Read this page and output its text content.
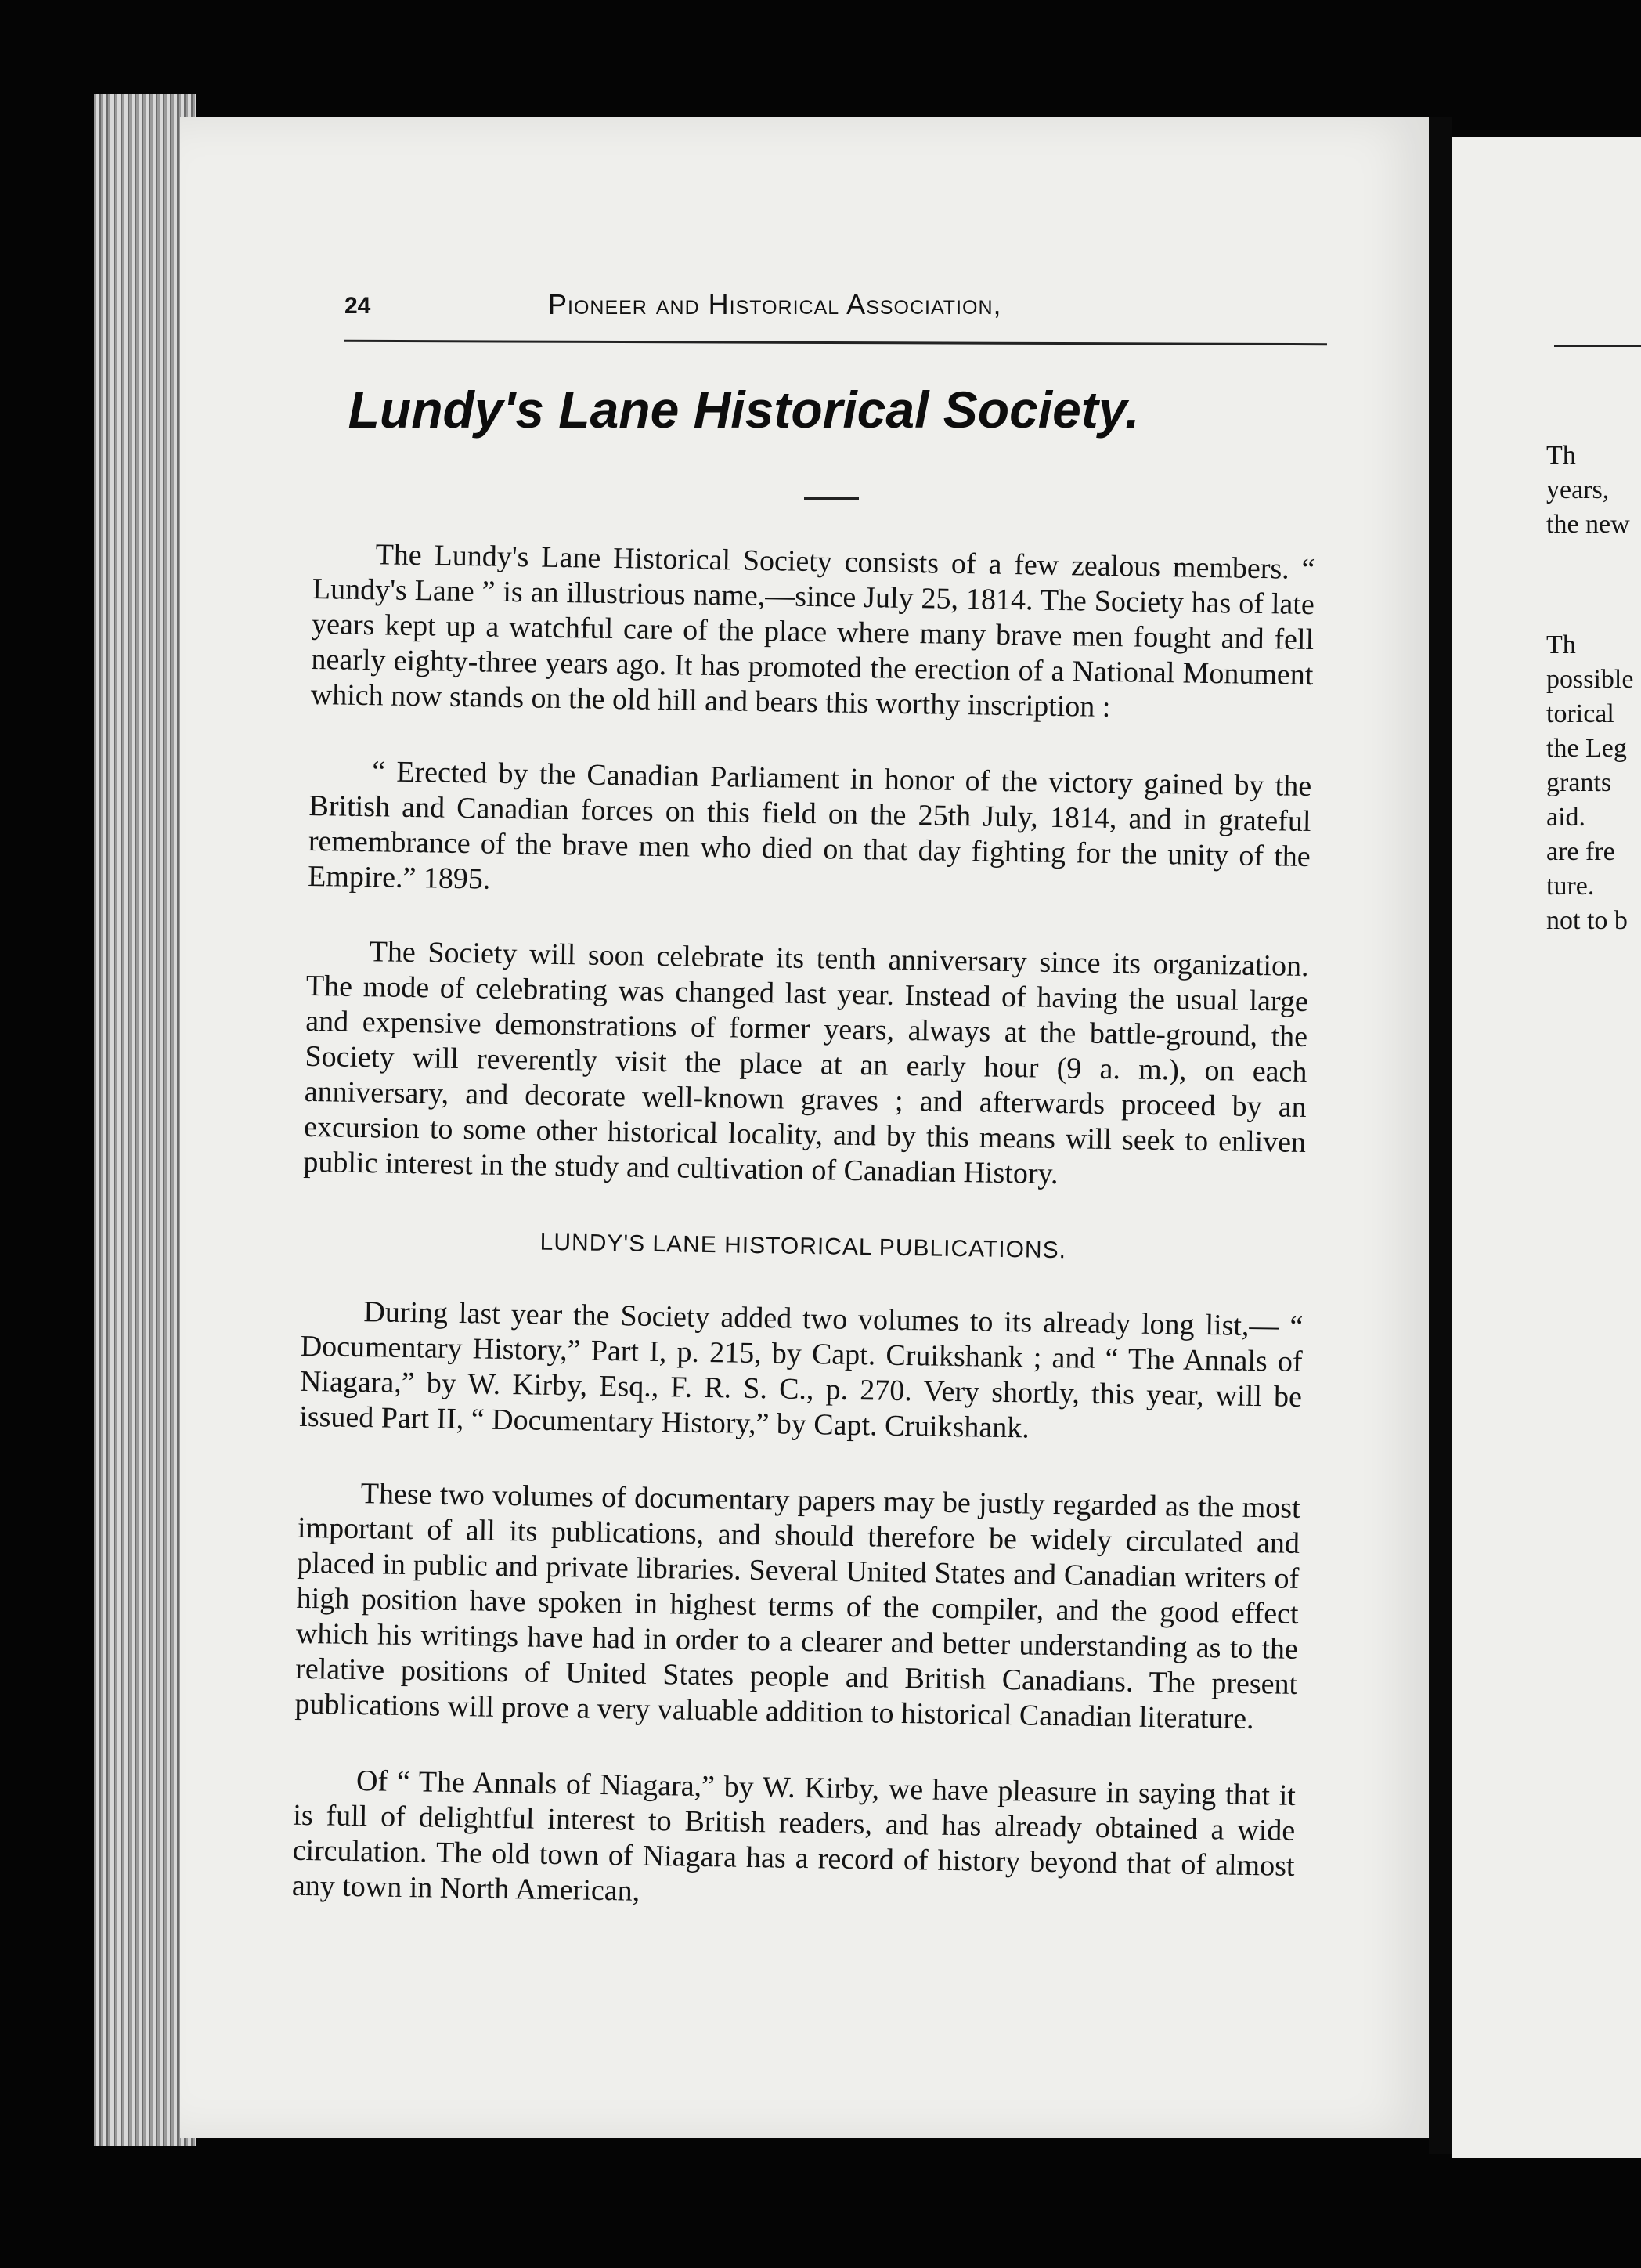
24	Pioneer and Historical Association,
Lundy's Lane Historical Society.

The Lundy's Lane Historical Society consists of a few zealous members. “ Lundy's Lane ” is an illustrious name,—since July 25, 1814. The Society has of late years kept up a watchful care of the place where many brave men fought and fell nearly eighty-three years ago. It has promoted the erection of a National Monument which now stands on the old hill and bears this worthy inscription :

“ Erected by the Canadian Parliament in honor of the victory gained by the British and Canadian forces on this field on the 25th July, 1814, and in grateful remembrance of the brave men who died on that day fighting for the unity of the Empire.” 1895.

The Society will soon celebrate its tenth anniversary since its organization. The mode of celebrating was changed last year. Instead of having the usual large and expensive demonstrations of former years, always at the battle-ground, the Society will reverently visit the place at an early hour (9 a. m.), on each anniversary, and decorate well-known graves ; and afterwards proceed by an excursion to some other historical locality, and by this means will seek to enliven public interest in the study and cultivation of Canadian History.

LUNDY'S LANE HISTORICAL PUBLICATIONS.

During last year the Society added two volumes to its already long list,— “ Documentary History,” Part I, p. 215, by Capt. Cruikshank ; and “ The Annals of Niagara,” by W. Kirby, Esq., F. R. S. C., p. 270. Very shortly, this year, will be issued Part II, “ Documentary History,” by Capt. Cruikshank.

These two volumes of documentary papers may be justly regarded as the most important of all its publications, and should therefore be widely circulated and placed in public and private libraries. Several United States and Canadian writers of high position have spoken in highest terms of the compiler, and the good effect which his writings have had in order to a clearer and better understanding as to the relative positions of United States people and British Canadians. The present publications will prove a very valuable addition to historical Canadian literature.

Of “ The Annals of Niagara,” by W. Kirby, we have pleasure in saying that it is full of delightful interest to British readers, and has already obtained a wide circulation. The old town of Niagara has a record of history beyond that of almost any town in North American,

Th
years,
the new
Th
possible
torical
the Leg
grants
aid.
are fre
ture.
not to b
